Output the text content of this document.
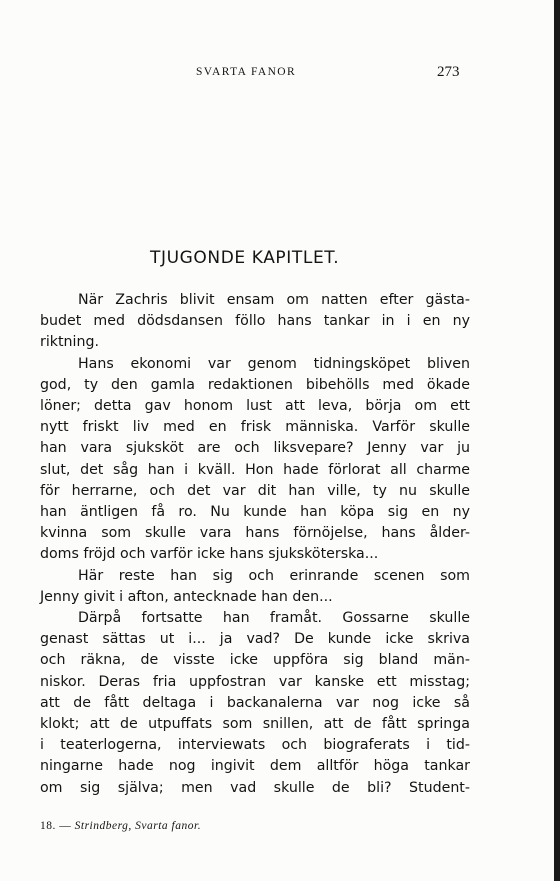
SVARTA FANOR	273
TJUGONDE KAPITLET.
När Zachris blivit ensam om natten efter gästa-
budet med dödsdansen föllo hans tankar in i en ny
riktning.
Hans ekonomi var genom tidningsköpet bliven
god, ty den gamla redaktionen bibehölls med ökade
löner; detta gav honom lust att leva, börja om ett
nytt friskt liv med en frisk människa. Varför skulle
han vara sjuksköt are och liksvepare? Jenny var ju
slut, det såg han i kväll. Hon hade förlorat all charme
för herrarne, och det var dit han ville, ty nu skulle
han äntligen få ro. Nu kunde han köpa sig en ny
kvinna som skulle vara hans förnöjelse, hans ålder-
doms fröjd och varför icke hans sjuksköterska...
Här reste han sig och erinrande scenen som
Jenny givit i afton, antecknade han den...
Därpå fortsatte han framåt. Gossarne skulle
genast sättas ut i... ja vad? De kunde icke skriva
och räkna, de visste icke uppföra sig bland män-
niskor. Deras fria uppfostran var kanske ett misstag;
att de fått deltaga i backanalerna var nog icke så
klokt; att de utpuffats som snillen, att de fått springa
i teaterlogerna, interviewats och biograferats i tid-
ningarne hade nog ingivit dem alltför höga tankar
om sig själva; men vad skulle de bli? Student-
18. — Strindberg, Svarta fanor.
